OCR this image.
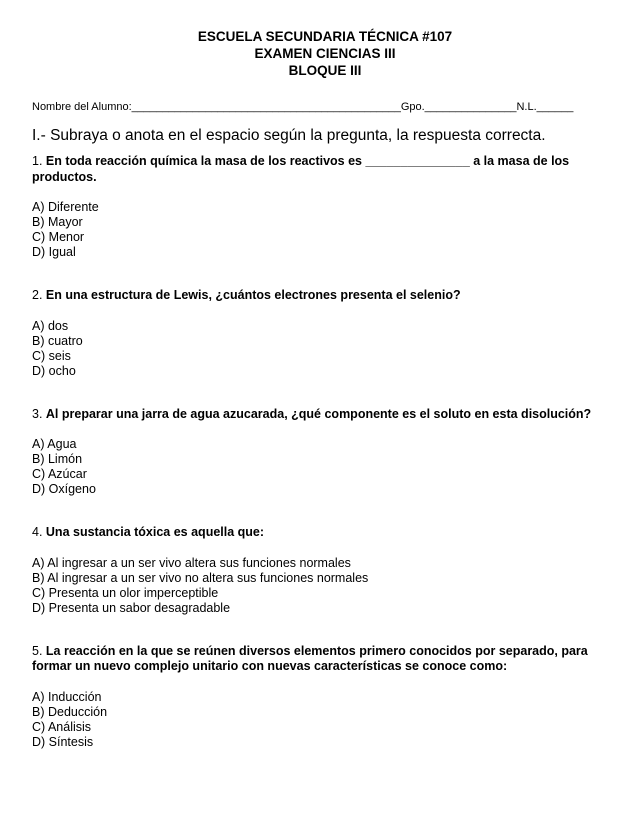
ESCUELA SECUNDARIA TÉCNICA #107
EXAMEN CIENCIAS III
BLOQUE III
Nombre del Alumno:____________________________________________Gpo._______________N.L.______
I.- Subraya o anota en el espacio según la pregunta, la respuesta correcta.
1. En toda reacción química la masa de los reactivos es _______________ a la masa de los productos.
A) Diferente
B) Mayor
C) Menor
D) Igual
2. En una estructura de Lewis, ¿cuántos electrones presenta el selenio?
A) dos
B) cuatro
C) seis
D) ocho
3. Al preparar una jarra de agua azucarada, ¿qué componente es el soluto en esta disolución?
A) Agua
B) Limón
C) Azúcar
D) Oxígeno
4. Una sustancia tóxica es aquella que:
A) Al ingresar a un ser vivo altera sus funciones normales
B) Al ingresar a un ser vivo no altera sus funciones normales
C) Presenta un olor imperceptible
D) Presenta un sabor desagradable
5. La reacción en la que se reúnen diversos elementos primero conocidos por separado, para formar un nuevo complejo unitario con nuevas características se conoce como:
A) Inducción
B) Deducción
C) Análisis
D) Síntesis
